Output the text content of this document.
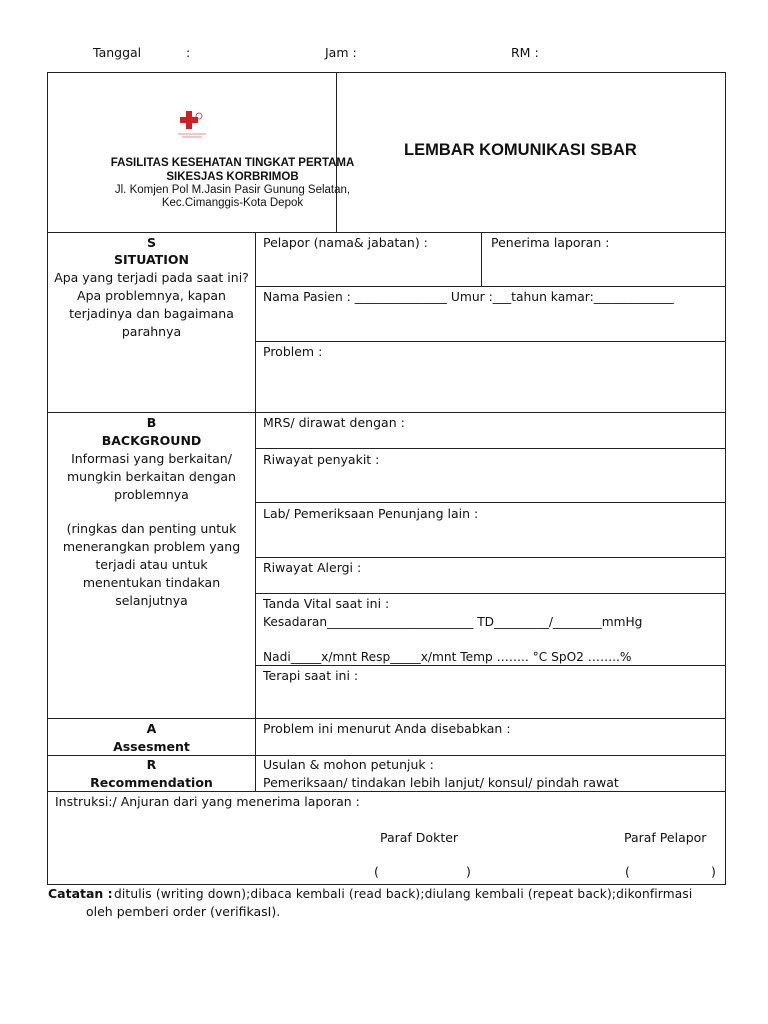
Tanggal	:	Jam :	RM :
FASILITAS KESEHATAN TINGKAT PERTAMA
SIKESJAS KORBRIMOB
Jl. Komjen Pol M.Jasin Pasir Gunung Selatan,
Kec.Cimanggis-Kota Depok
LEMBAR KOMUNIKASI SBAR
S
SITUATION
Apa yang terjadi pada saat ini?
Apa problemnya, kapan
terjadinya dan bagaimana
parahnya
Pelapor (nama& jabatan) :	Penerima laporan :
Nama Pasien : _______________ Umur :___tahun kamar:_____________
Problem :
B
BACKGROUND
Informasi yang berkaitan/
mungkin berkaitan dengan
problemnya
(ringkas dan penting untuk
menerangkan problem yang
terjadi atau untuk
menentukan tindakan
selanjutnya
MRS/ dirawat dengan :
Riwayat penyakit :
Lab/ Pemeriksaan Penunjang lain :
Riwayat Alergi :
Tanda Vital saat ini :
Kesadaran________________________ TD_________/________mmHg
Nadi_____x/mnt Resp_____x/mnt Temp …….. °C SpO2 ……..%
Terapi saat ini :
A
Assesment
Problem ini menurut Anda disebabkan :
R
Recommendation
Usulan & mohon petunjuk :
Pemeriksaan/ tindakan lebih lanjut/ konsul/ pindah rawat
Instruksi:/ Anjuran dari yang menerima laporan :
Paraf Dokter	Paraf Pelapor
(	)	(	)
Catatan : ditulis (writing down);dibaca kembali (read back);diulang kembali (repeat back);dikonfirmasi
oleh pemberi order (verifikasI).
